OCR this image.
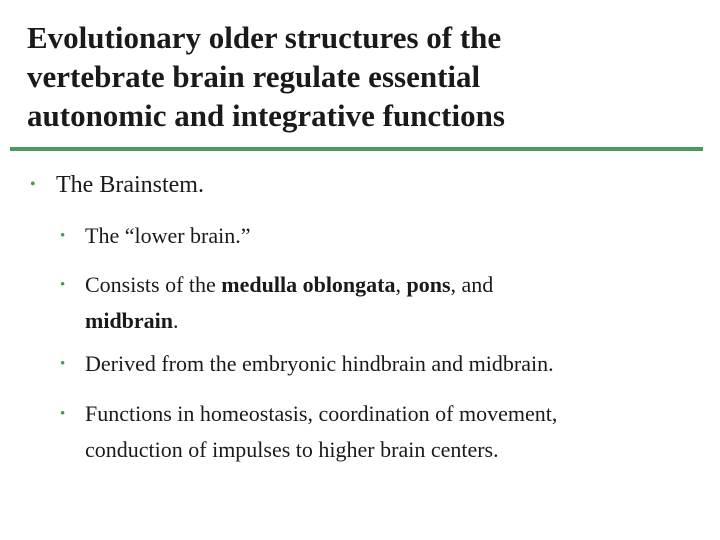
Evolutionary older structures of the
vertebrate brain regulate essential
autonomic and integrative functions
• The Brainstem.
• The “lower brain.”
• Consists of the medulla oblongata, pons, and
midbrain.
• Derived from the embryonic hindbrain and midbrain.
• Functions in homeostasis, coordination of movement,
conduction of impulses to higher brain centers.
